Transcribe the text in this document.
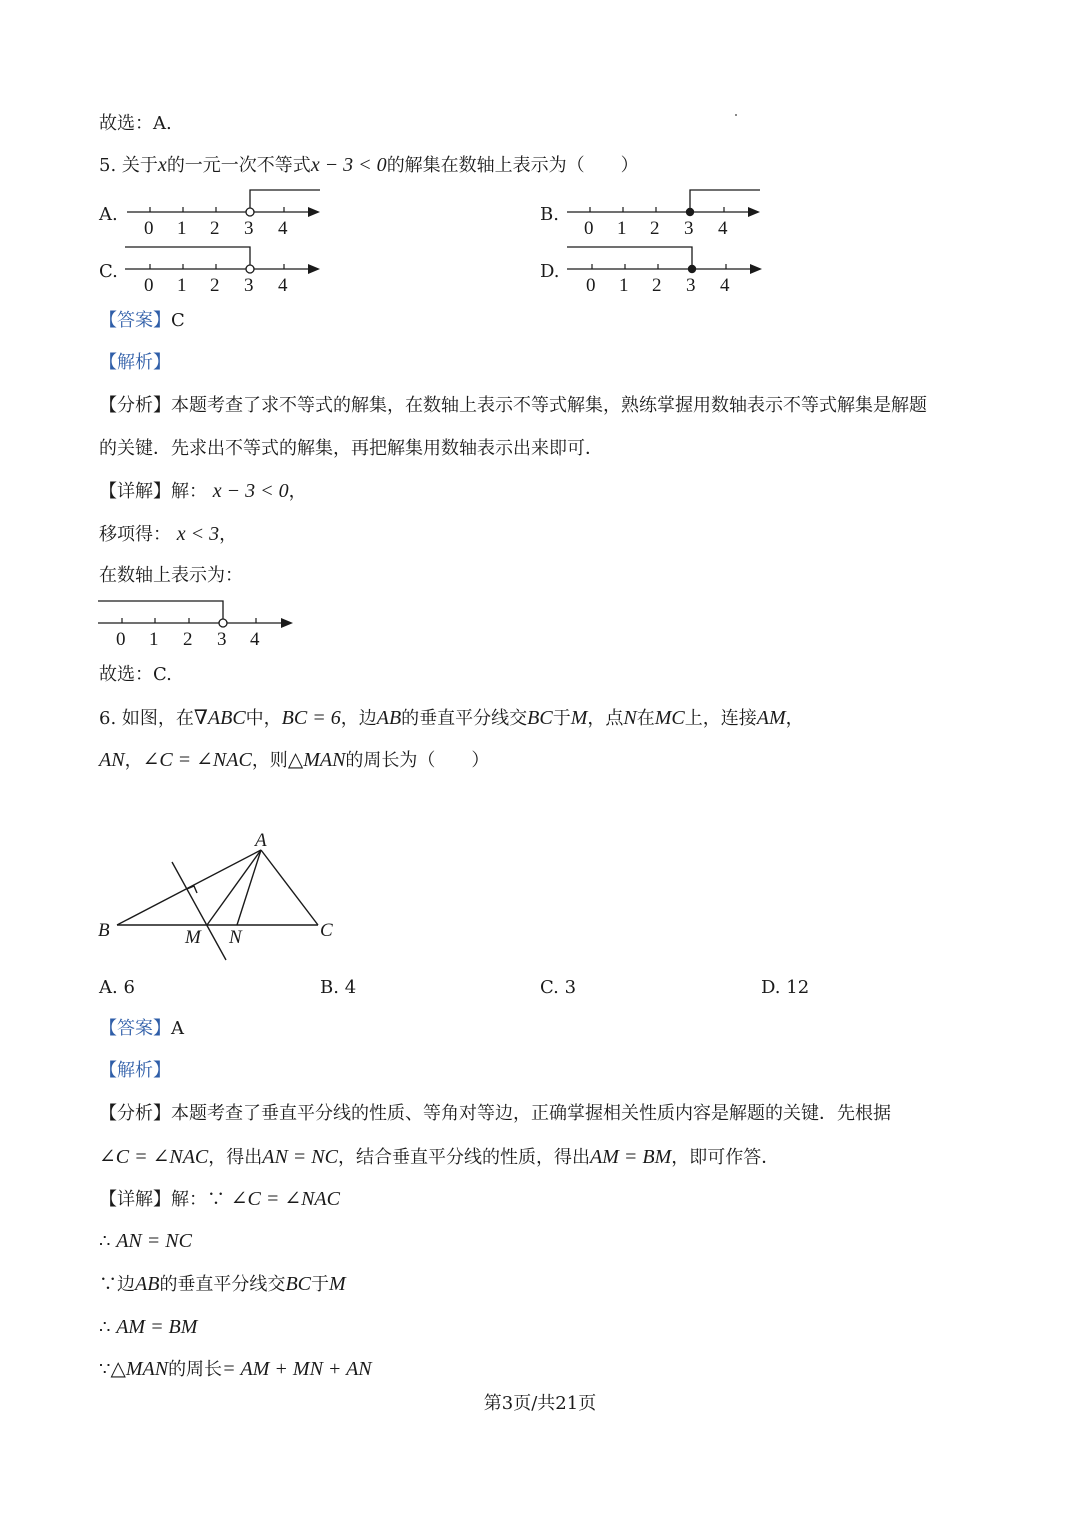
故选：A.
5. 关于x的一元一次不等式x − 3 < 0的解集在数轴上表示为（　　）
A.
0 1 2 3 4
B.
0 1 2 3 4
C.
0 1 2 3 4
D.
0 1 2 3 4
【答案】C
【解析】
【分析】本题考查了求不等式的解集，在数轴上表示不等式解集，熟练掌握用数轴表示不等式解集是解题
的关键．先求出不等式的解集，再把解集用数轴表示出来即可．
【详解】解： x − 3 < 0，
移项得： x < 3，
在数轴上表示为：
0 1 2 3 4
故选：C.
6. 如图，在∇ABC中，BC = 6，边AB的垂直平分线交BC于M，点N在MC上，连接AM，
AN，∠C = ∠NAC，则△MAN的周长为（　　）
A
B	C
M N
A. 6	B. 4	C. 3	D. 12
【答案】A
【解析】
【分析】本题考查了垂直平分线的性质、等角对等边，正确掌握相关性质内容是解题的关键．先根据
∠C = ∠NAC，得出AN = NC，结合垂直平分线的性质，得出AM = BM，即可作答．
【详解】解：∵ ∠C = ∠NAC
∴ AN = NC
∵边AB的垂直平分线交BC于M
∴ AM = BM
∵△MAN的周长= AM + MN + AN
第3页/共21页
